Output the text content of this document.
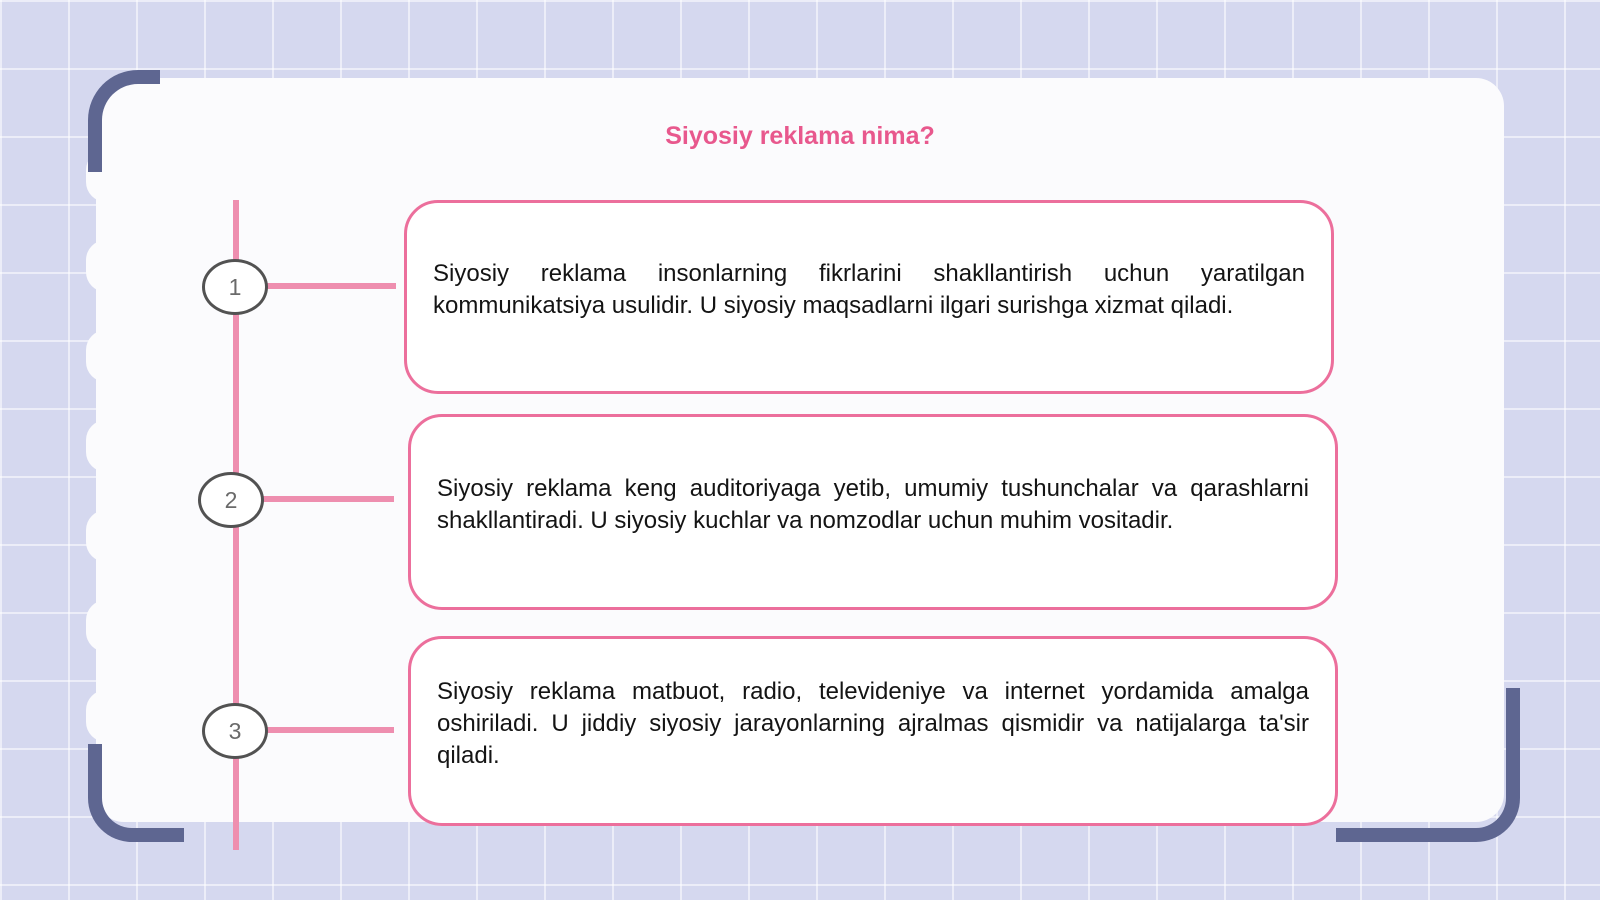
Siyosiy reklama nima?
1	Siyosiy reklama insonlarning fikrlarini shakllantirish uchun yaratilgan kommunikatsiya usulidir. U siyosiy maqsadlarni ilgari surishga xizmat qiladi.
2	Siyosiy reklama keng auditoriyaga yetib, umumiy tushunchalar va qarashlarni shakllantiradi. U siyosiy kuchlar va nomzodlar uchun muhim vositadir.
3
Siyosiy reklama matbuot, radio, televideniye va internet yordamida amalga oshiriladi. U jiddiy siyosiy jarayonlarning ajralmas qismidir va natijalarga ta'sir qiladi.
